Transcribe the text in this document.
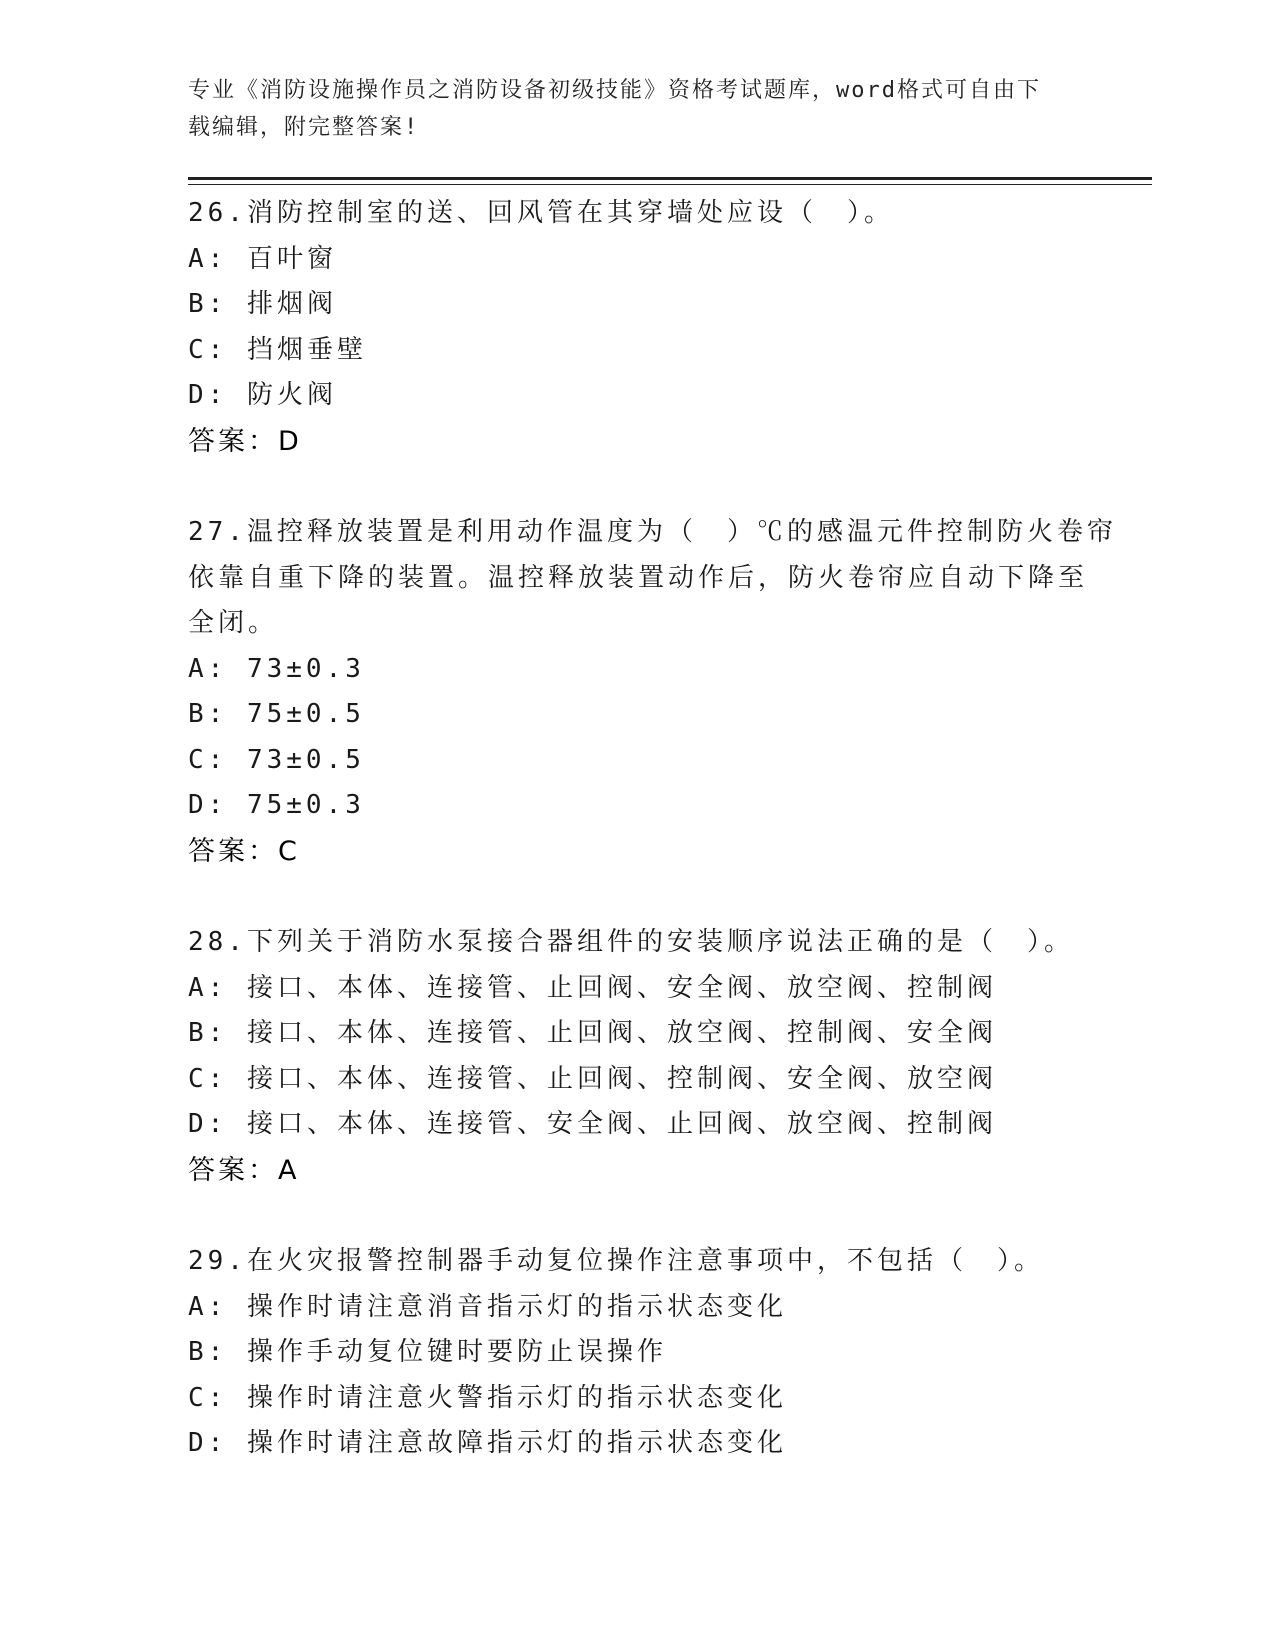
专业《消防设施操作员之消防设备初级技能》资格考试题库，word格式可自由下
载编辑，附完整答案!
26.消防控制室的送、回风管在其穿墙处应设（　）。
A: 百叶窗
B: 排烟阀
C: 挡烟垂壁
D: 防火阀
答案：D
27.温控释放装置是利用动作温度为（　）℃的感温元件控制防火卷帘
依靠自重下降的装置。温控释放装置动作后，防火卷帘应自动下降至
全闭。
A: 73±0.3
B: 75±0.5
C: 73±0.5
D: 75±0.3
答案：C
28.下列关于消防水泵接合器组件的安装顺序说法正确的是（　）。
A: 接口、本体、连接管、止回阀、安全阀、放空阀、控制阀
B: 接口、本体、连接管、止回阀、放空阀、控制阀、安全阀
C: 接口、本体、连接管、止回阀、控制阀、安全阀、放空阀
D: 接口、本体、连接管、安全阀、止回阀、放空阀、控制阀
答案：A
29.在火灾报警控制器手动复位操作注意事项中，不包括（　）。
A: 操作时请注意消音指示灯的指示状态变化
B: 操作手动复位键时要防止误操作
C: 操作时请注意火警指示灯的指示状态变化
D: 操作时请注意故障指示灯的指示状态变化
